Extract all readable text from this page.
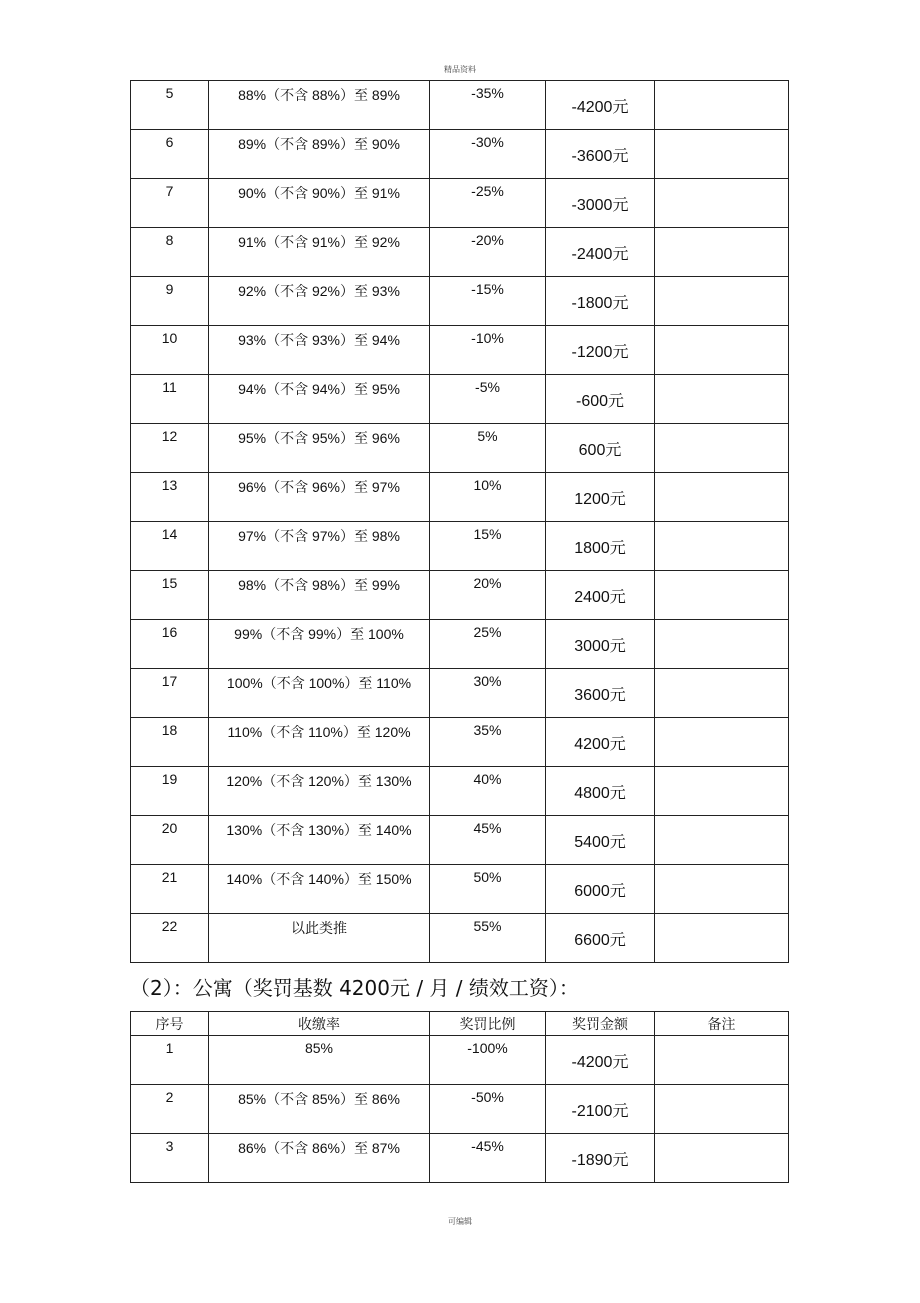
精品资料
5	88%（不含 88%）至 89%	-35%	-4200元	

6	89%（不含 89%）至 90%	-30%	-3600元	

7	90%（不含 90%）至 91%	-25%	-3000元	

8	91%（不含 91%）至 92%	-20%	-2400元	

9	92%（不含 92%）至 93%	-15%	-1800元	

10	93%（不含 93%）至 94%	-10%	-1200元	

11	94%（不含 94%）至 95%	-5%	-600元	

12	95%（不含 95%）至 96%	5%	600元	

13	96%（不含 96%）至 97%	10%	1200元	

14	97%（不含 97%）至 98%	15%	1800元	

15	98%（不含 98%）至 99%	20%	2400元	

16	99%（不含 99%）至 100%	25%	3000元	

17	100%（不含 100%）至 110%	30%	3600元	

18	110%（不含 110%）至 120%	35%	4200元	

19	120%（不含 120%）至 130%	40%	4800元	

20	130%（不含 130%）至 140%	45%	5400元	

21	140%（不含 140%）至 150%	50%	6000元	

22	以此类推	55%	6600元	

（2）：公寓（奖罚基数 4200元 / 月 / 绩效工资）：
序号	收缴率	奖罚比例	奖罚金额	备注

1	85%	-100%	-4200元	

2	85%（不含 85%）至 86%	-50%	-2100元	

3	86%（不含 86%）至 87%	-45%	-1890元	

可编辑
